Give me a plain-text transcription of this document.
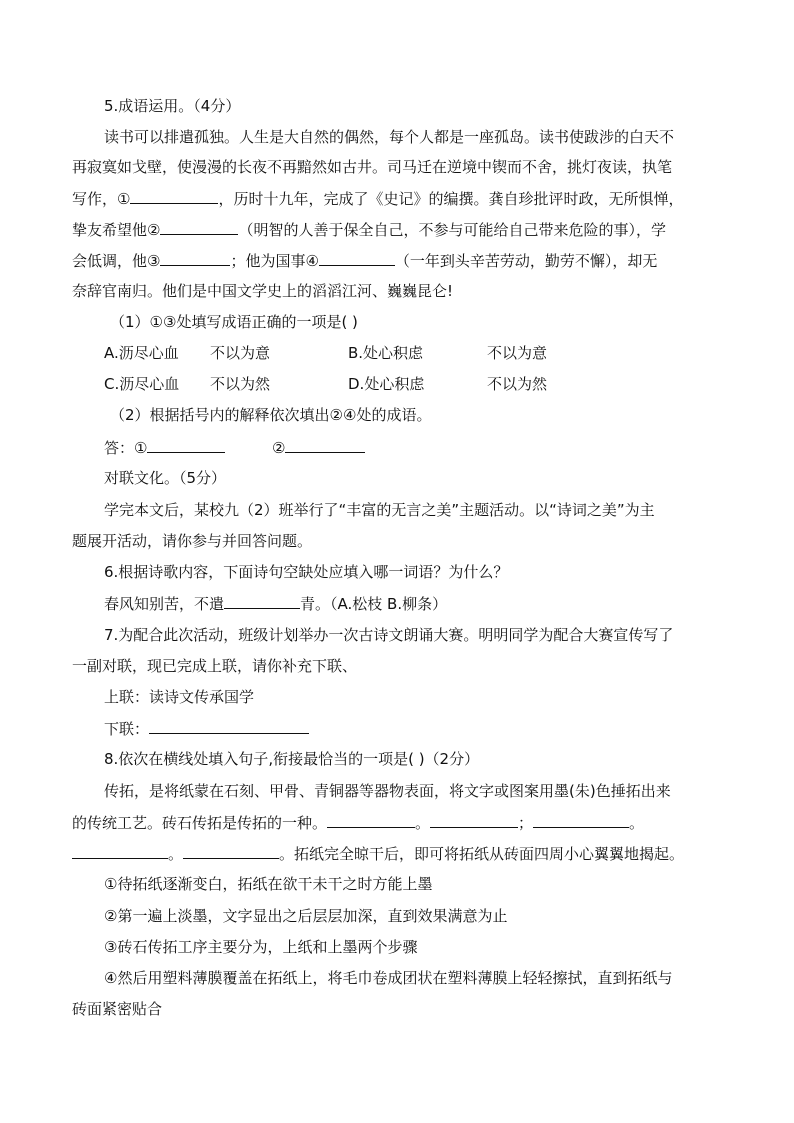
5.成语运用。（4分）
读书可以排遣孤独。人生是大自然的偶然，每个人都是一座孤岛。读书使跋涉的白天不
再寂寞如戈壁，使漫漫的长夜不再黯然如古井。司马迁在逆境中锲而不舍，挑灯夜读，执笔
写作，①	，历时十九年，完成了《史记》的编撰。龚自珍批评时政，无所惧惮，
挚友希望他②	（明智的人善于保全自己，不参与可能给自己带来危险的事），学
会低调，他③	；他为国事④	（一年到头辛苦劳动，勤劳不懈），却无
奈辞官南归。他们是中国文学史上的滔滔江河、巍巍昆仑!
（1）①③处填写成语正确的一项是( )
A.沥尽心血 不以为意	B.处心积虑	不以为意
C.沥尽心血 不以为然	D.处心积虑	不以为然
（2）根据括号内的解释依次填出②④处的成语。
答：①	②
对联文化。（5分）
学完本文后，某校九（2）班举行了“丰富的无言之美”主题活动。以“诗词之美”为主
题展开活动，请你参与并回答问题。
6.根据诗歌内容，下面诗句空缺处应填入哪一词语？为什么？
春风知别苦，不遣	青。（A.松枝 B.柳条）
7.为配合此次活动，班级计划举办一次古诗文朗诵大赛。明明同学为配合大赛宣传写了
一副对联，现已完成上联，请你补充下联、
上联：读诗文传承国学
下联：
8.依次在横线处填入句子,衔接最恰当的一项是( )（2分）
传拓，是将纸蒙在石刻、甲骨、青铜器等器物表面，将文字或图案用墨(朱)色捶拓出来
的传统工艺。砖石传拓是传拓的一种。	。	；	。
。	。拓纸完全晾干后，即可将拓纸从砖面四周小心翼翼地揭起。
①待拓纸逐渐变白，拓纸在欲干未干之时方能上墨
②第一遍上淡墨，文字显出之后层层加深，直到效果满意为止
③砖石传拓工序主要分为，上纸和上墨两个步骤
④然后用塑料薄膜覆盖在拓纸上，将毛巾卷成团状在塑料薄膜上轻轻擦拭，直到拓纸与
砖面紧密贴合
